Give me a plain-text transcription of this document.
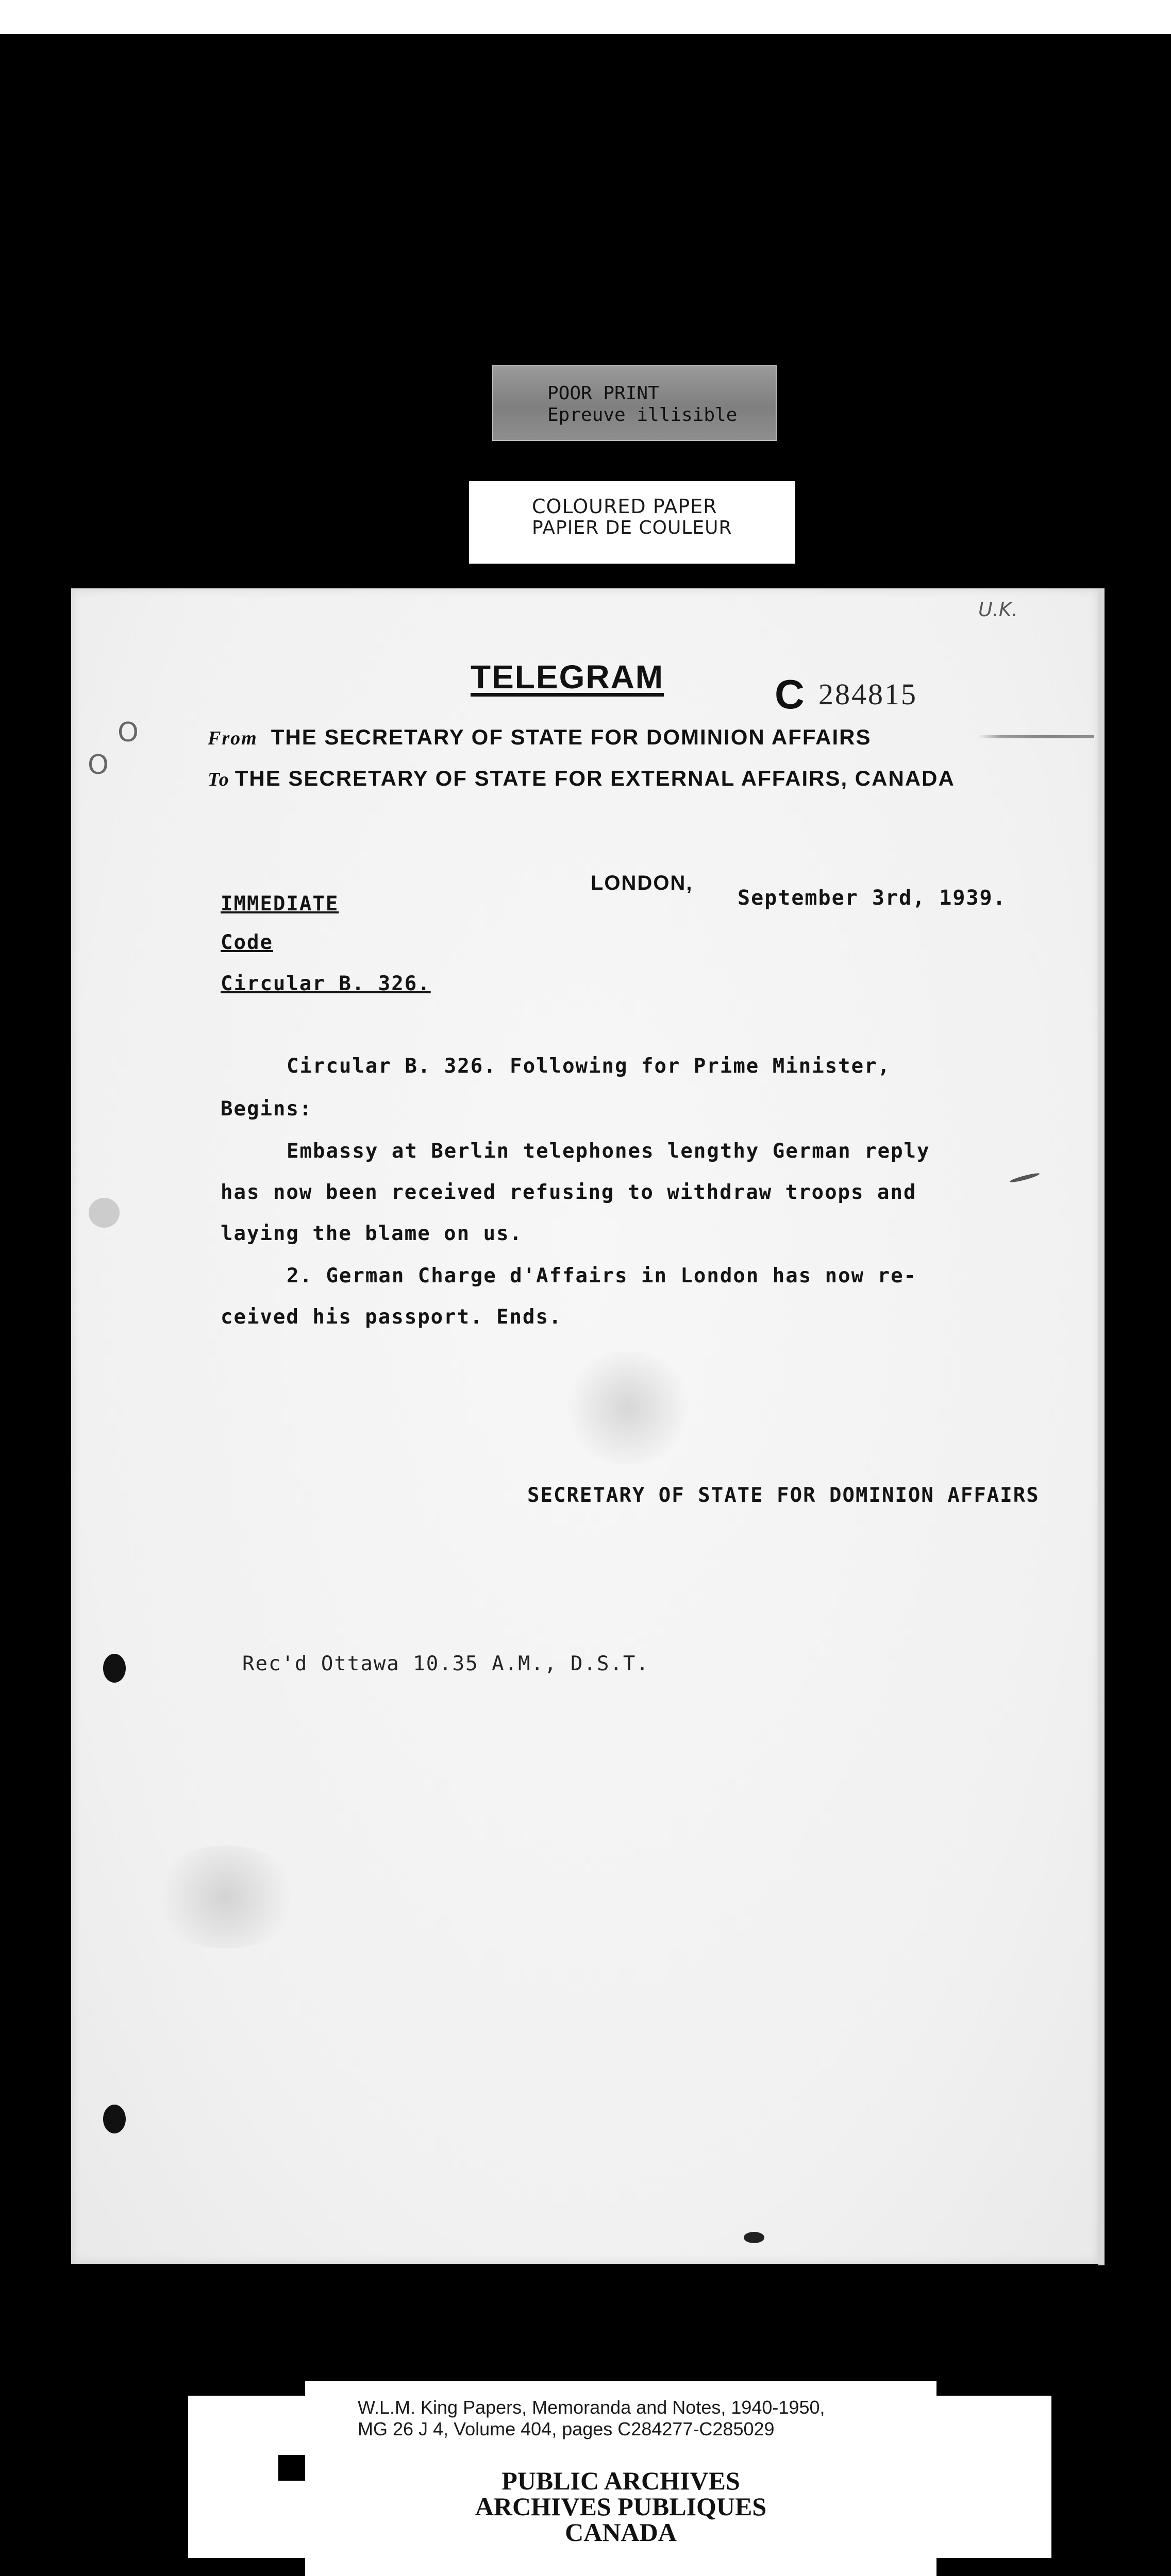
POOR PRINT
Epreuve illisible
COLOURED PAPER
PAPIER DE COULEUR
U.K.
TELEGRAM	C 284815
From THE SECRETARY OF STATE FOR DOMINION AFFAIRS
To THE SECRETARY OF STATE FOR EXTERNAL AFFAIRS, CANADA
LONDON,
September 3rd, 1939.
IMMEDIATE
Code
Circular B. 326.
Circular B. 326. Following for Prime Minister,
Begins:
Embassy at Berlin telephones lengthy German reply
has now been received refusing to withdraw troops and
laying the blame on us.
2. German Charge d'Affairs in London has now re-
ceived his passport. Ends.
SECRETARY OF STATE FOR DOMINION AFFAIRS
Rec'd Ottawa 10.35 A.M., D.S.T.
O
O
W.L.M. King Papers, Memoranda and Notes, 1940-1950,
MG 26 J 4, Volume 404, pages C284277-C285029
PUBLIC ARCHIVES
ARCHIVES PUBLIQUES
CANADA
